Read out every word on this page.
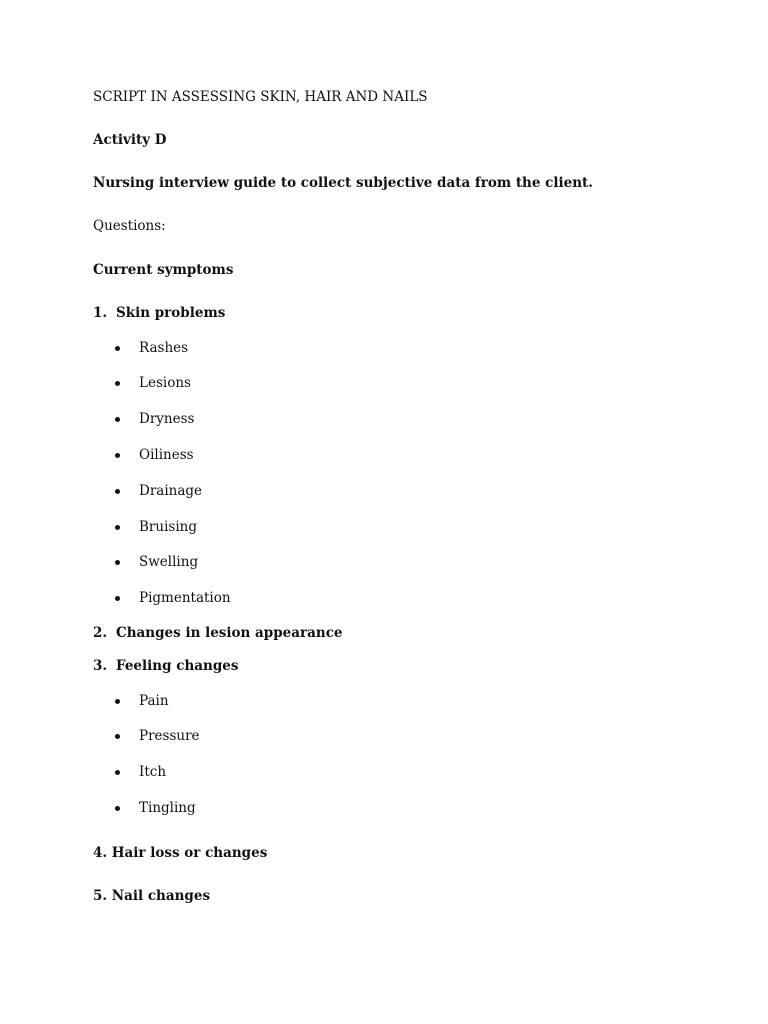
SCRIPT IN ASSESSING SKIN, HAIR AND NAILS
Activity D
Nursing interview guide to collect subjective data from the client.
Questions:
Current symptoms
1. Skin problems
Rashes
Lesions
Dryness
Oiliness
Drainage
Bruising
Swelling
Pigmentation
2. Changes in lesion appearance
3. Feeling changes
Pain
Pressure
Itch
Tingling
4. Hair loss or changes
5. Nail changes
